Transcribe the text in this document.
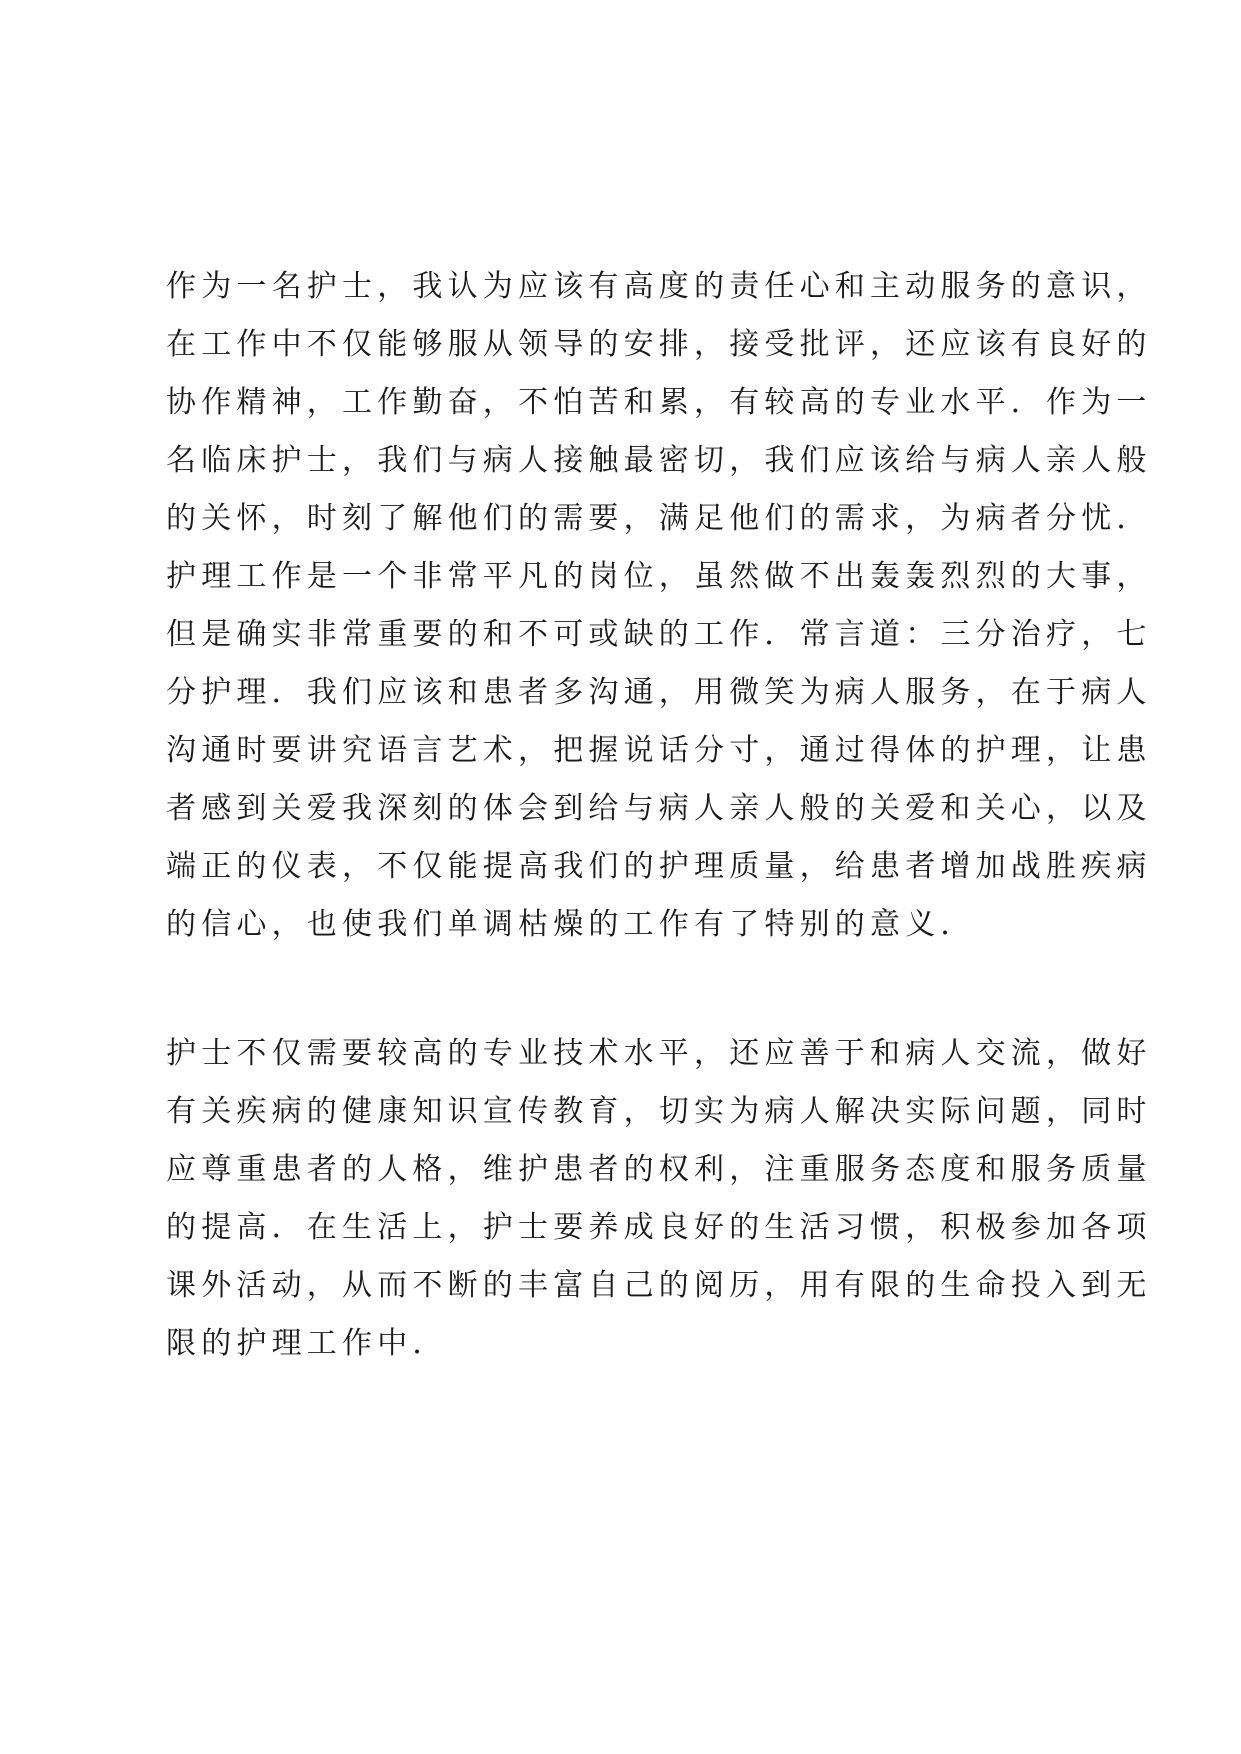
作为一名护士，我认为应该有高度的责任心和主动服务的意识，
在工作中不仅能够服从领导的安排，接受批评，还应该有良好的
协作精神，工作勤奋，不怕苦和累，有较高的专业水平．作为一
名临床护士，我们与病人接触最密切，我们应该给与病人亲人般
的关怀，时刻了解他们的需要，满足他们的需求，为病者分忧．
护理工作是一个非常平凡的岗位，虽然做不出轰轰烈烈的大事，
但是确实非常重要的和不可或缺的工作．常言道：三分治疗，七
分护理．我们应该和患者多沟通，用微笑为病人服务，在于病人
沟通时要讲究语言艺术，把握说话分寸，通过得体的护理，让患
者感到关爱我深刻的体会到给与病人亲人般的关爱和关心，以及
端正的仪表，不仅能提高我们的护理质量，给患者增加战胜疾病
的信心，也使我们单调枯燥的工作有了特别的意义．
护士不仅需要较高的专业技术水平，还应善于和病人交流，做好
有关疾病的健康知识宣传教育，切实为病人解决实际问题，同时
应尊重患者的人格，维护患者的权利，注重服务态度和服务质量
的提高．在生活上，护士要养成良好的生活习惯，积极参加各项
课外活动，从而不断的丰富自己的阅历，用有限的生命投入到无
限的护理工作中．
